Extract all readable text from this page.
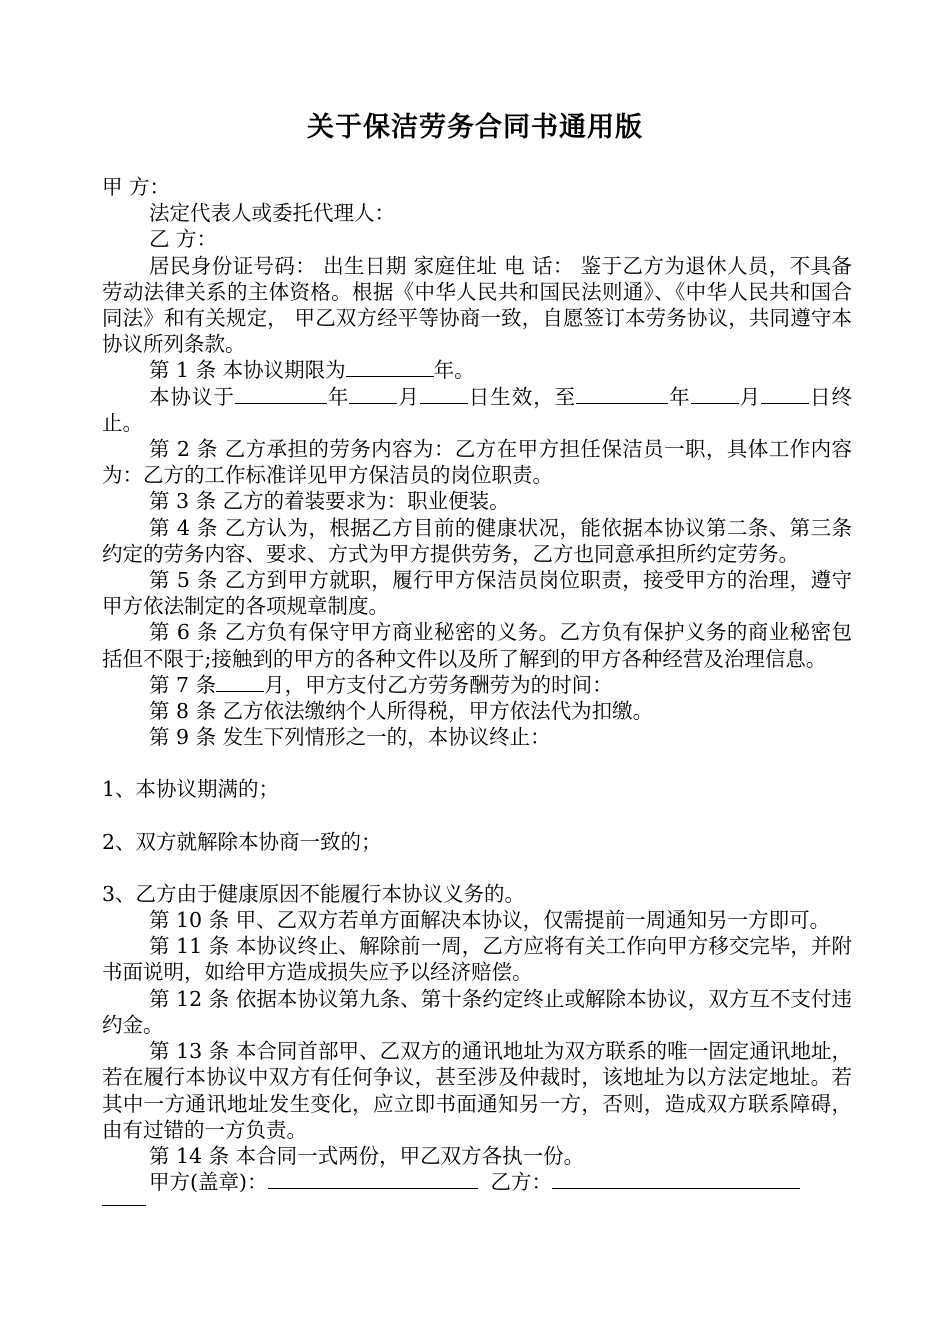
关于保洁劳务合同书通用版
甲 方：
法定代表人或委托代理人：
乙 方：
居民身份证号码： 出生日期 家庭住址 电 话： 鉴于乙方为退休人员，不具备劳动法律关系的主体资格。根据《中华人民共和国民法则通》、《中华人民共和国合同法》和有关规定， 甲乙双方经平等协商一致，自愿签订本劳务协议，共同遵守本协议所列条款。
第 1 条 本协议期限为	年。
本协议于	年 月 日生效，至	年 月 日终止。
第 2 条 乙方承担的劳务内容为：乙方在甲方担任保洁员一职，具体工作内容为：乙方的工作标准详见甲方保洁员的岗位职责。
第 3 条 乙方的着装要求为：职业便装。
第 4 条 乙方认为，根据乙方目前的健康状况，能依据本协议第二条、第三条约定的劳务内容、要求、方式为甲方提供劳务，乙方也同意承担所约定劳务。
第 5 条 乙方到甲方就职，履行甲方保洁员岗位职责，接受甲方的治理，遵守甲方依法制定的各项规章制度。
第 6 条 乙方负有保守甲方商业秘密的义务。乙方负有保护义务的商业秘密包括但不限于;接触到的甲方的各种文件以及所了解到的甲方各种经营及治理信息。
第 7 条 月，甲方支付乙方劳务酬劳为的时间：
第 8 条 乙方依法缴纳个人所得税，甲方依法代为扣缴。
第 9 条 发生下列情形之一的，本协议终止：
1、本协议期满的；
2、双方就解除本协商一致的；
3、乙方由于健康原因不能履行本协议义务的。
第 10 条 甲、乙双方若单方面解决本协议，仅需提前一周通知另一方即可。
第 11 条 本协议终止、解除前一周，乙方应将有关工作向甲方移交完毕，并附书面说明，如给甲方造成损失应予以经济赔偿。
第 12 条 依据本协议第九条、第十条约定终止或解除本协议，双方互不支付违约金。
第 13 条 本合同首部甲、乙双方的通讯地址为双方联系的唯一固定通讯地址，若在履行本协议中双方有任何争议，甚至涉及仲裁时，该地址为以方法定地址。若其中一方通讯地址发生变化，应立即书面通知另一方，否则，造成双方联系障碍，由有过错的一方负责。
第 14 条 本合同一式两份，甲乙双方各执一份。
甲方(盖章)：	乙方：
